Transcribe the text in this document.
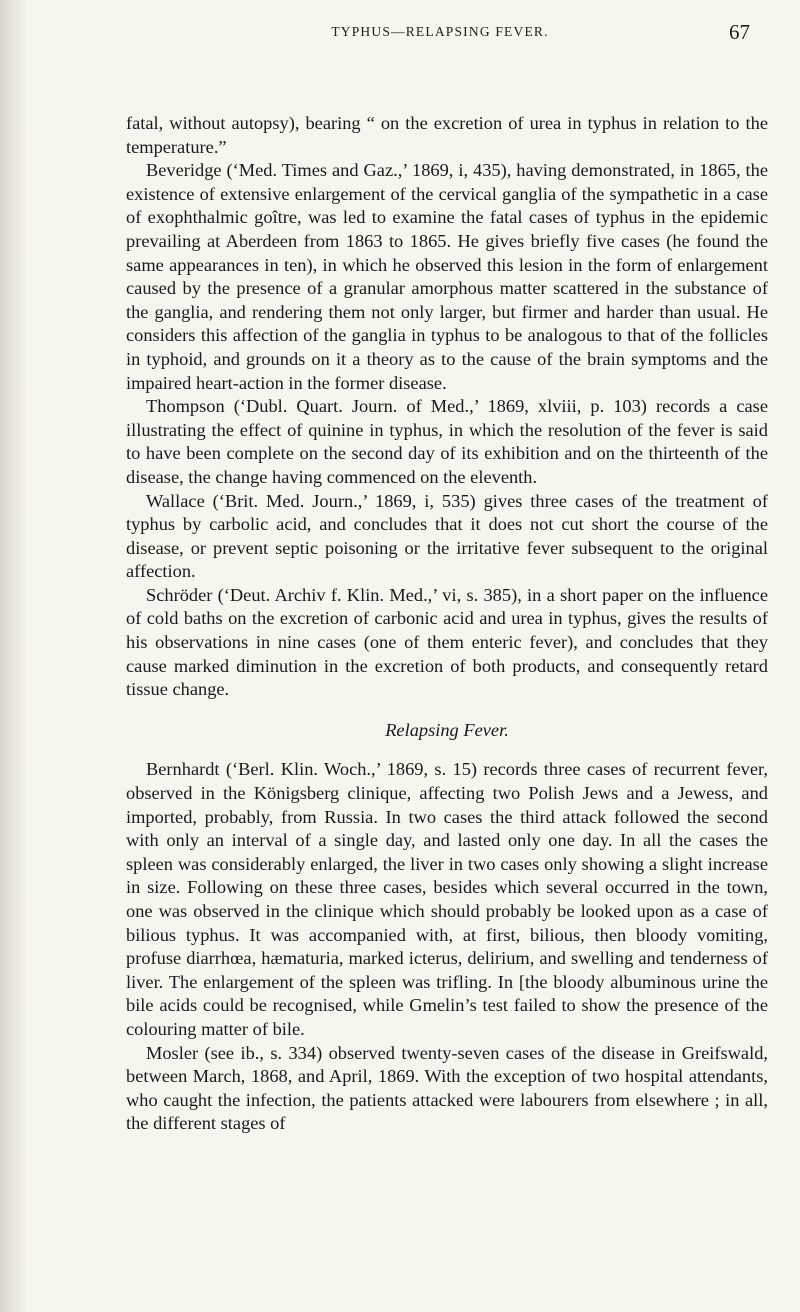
TYPHUS—RELAPSING FEVER.	67

fatal, without autopsy), bearing “ on the excretion of urea in typhus in relation to the temperature.”

Beveridge (‘Med. Times and Gaz.,’ 1869, i, 435), having demonstrated, in 1865, the existence of extensive enlargement of the cervical ganglia of the sympathetic in a case of exophthalmic goître, was led to examine the fatal cases of typhus in the epidemic prevailing at Aberdeen from 1863 to 1865. He gives briefly five cases (he found the same appearances in ten), in which he observed this lesion in the form of enlargement caused by the presence of a granular amorphous matter scattered in the substance of the ganglia, and rendering them not only larger, but firmer and harder than usual. He considers this affection of the ganglia in typhus to be analogous to that of the follicles in typhoid, and grounds on it a theory as to the cause of the brain symptoms and the impaired heart-action in the former disease.

Thompson (‘Dubl. Quart. Journ. of Med.,’ 1869, xlviii, p. 103) records a case illustrating the effect of quinine in typhus, in which the resolution of the fever is said to have been complete on the second day of its exhibition and on the thirteenth of the disease, the change having commenced on the eleventh.

Wallace (‘Brit. Med. Journ.,’ 1869, i, 535) gives three cases of the treatment of typhus by carbolic acid, and concludes that it does not cut short the course of the disease, or prevent septic poisoning or the irritative fever subsequent to the original affection.

Schröder (‘Deut. Archiv f. Klin. Med.,’ vi, s. 385), in a short paper on the influence of cold baths on the excretion of carbonic acid and urea in typhus, gives the results of his observations in nine cases (one of them enteric fever), and concludes that they cause marked diminution in the excretion of both products, and consequently retard tissue change.

Relapsing Fever.

Bernhardt (‘Berl. Klin. Woch.,’ 1869, s. 15) records three cases of recurrent fever, observed in the Königsberg clinique, affecting two Polish Jews and a Jewess, and imported, probably, from Russia. In two cases the third attack followed the second with only an interval of a single day, and lasted only one day. In all the cases the spleen was considerably enlarged, the liver in two cases only showing a slight increase in size. Following on these three cases, besides which several occurred in the town, one was observed in the clinique which should probably be looked upon as a case of bilious typhus. It was accompanied with, at first, bilious, then bloody vomiting, profuse diarrhœa, hæmaturia, marked icterus, delirium, and swelling and tenderness of liver. The enlargement of the spleen was trifling. In [the bloody albuminous urine the bile acids could be recognised, while Gmelin’s test failed to show the presence of the colouring matter of bile.

Mosler (see ib., s. 334) observed twenty-seven cases of the disease in Greifswald, between March, 1868, and April, 1869. With the exception of two hospital attendants, who caught the infection, the patients attacked were labourers from elsewhere ; in all, the different stages of
